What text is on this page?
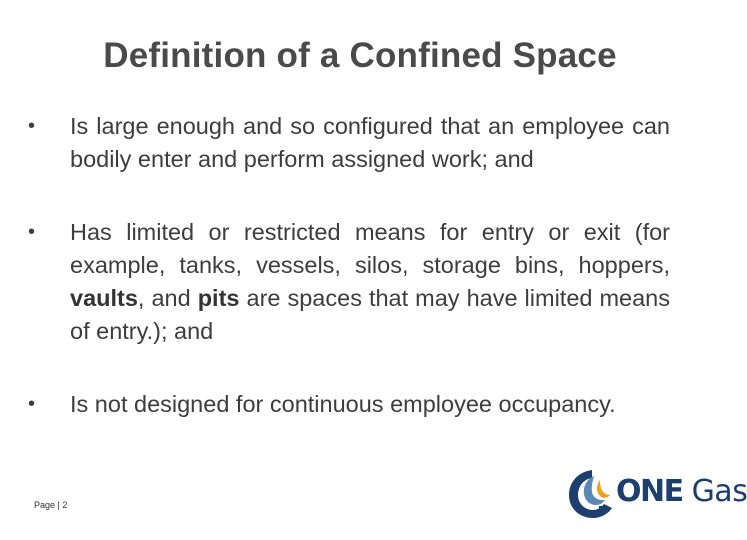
Definition of a Confined Space
• Is large enough and so configured that an employee can bodily enter and perform assigned work; and
• Has limited or restricted means for entry or exit (for example, tanks, vessels, silos, storage bins, hoppers, vaults, and pits are spaces that may have limited means of entry.); and
• Is not designed for continuous employee occupancy.
Page | 2	ONE Gas
